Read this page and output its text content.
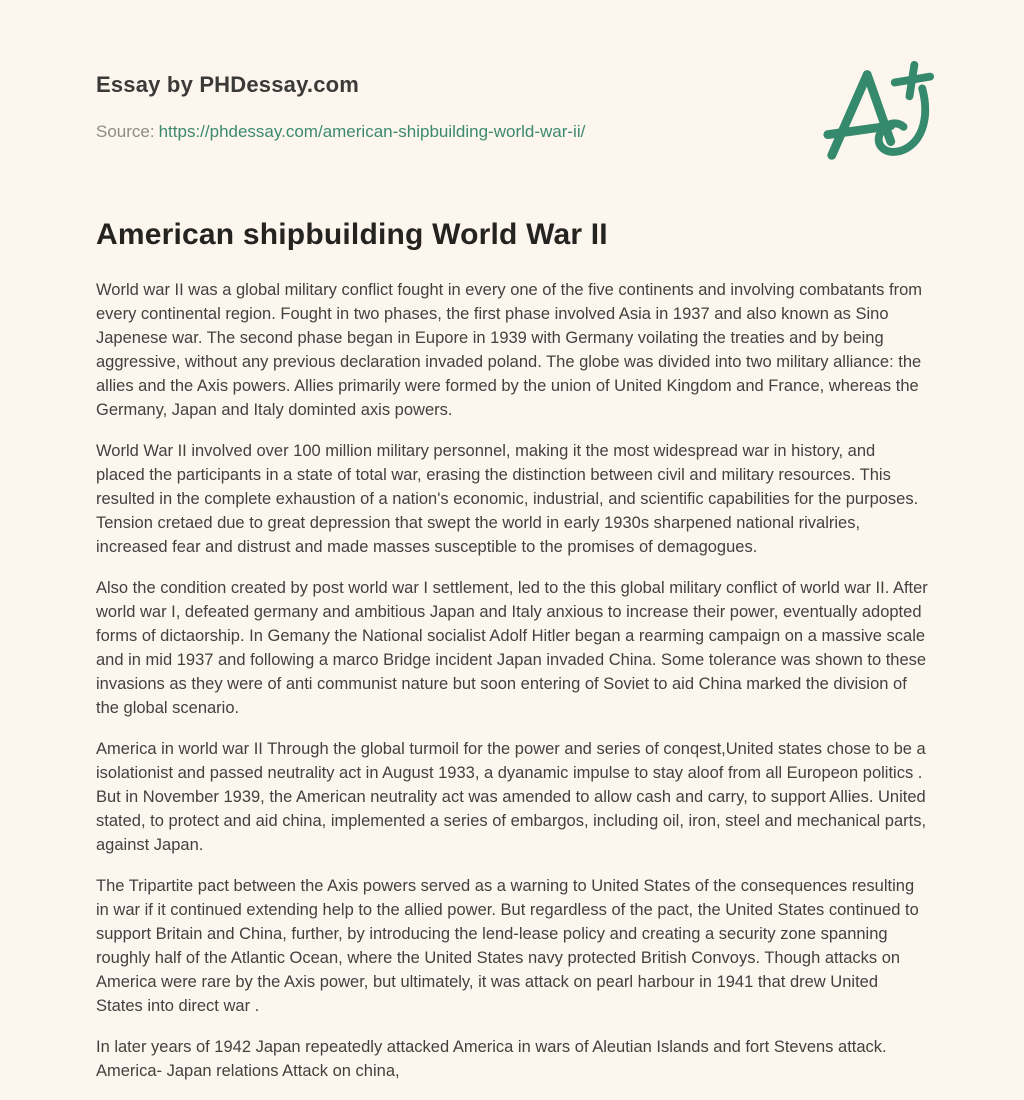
Essay by PHDessay.com
Source: https://phdessay.com/american-shipbuilding-world-war-ii/
American shipbuilding World War II

World war II was a global military conflict fought in every one of the five continents and involving combatants from every continental region. Fought in two phases, the first phase involved Asia in 1937 and also known as Sino Japenese war. The second phase began in Eupore in 1939 with Germany voilating the treaties and by being aggressive, without any previous declaration invaded poland. The globe was divided into two military alliance: the allies and the Axis powers. Allies primarily were formed by the union of United Kingdom and France, whereas the Germany, Japan and Italy dominted axis powers.

World War II involved over 100 million military personnel, making it the most widespread war in history, and placed the participants in a state of total war, erasing the distinction between civil and military resources. This resulted in the complete exhaustion of a nation's economic, industrial, and scientific capabilities for the purposes. Tension cretaed due to great depression that swept the world in early 1930s sharpened national rivalries, increased fear and distrust and made masses susceptible to the promises of demagogues.

Also the condition created by post world war I settlement, led to the this global military conflict of world war II. After world war I, defeated germany and ambitious Japan and Italy anxious to increase their power, eventually adopted forms of dictaorship. In Gemany the National socialist Adolf Hitler began a rearming campaign on a massive scale and in mid 1937 and following a marco Bridge incident Japan invaded China. Some tolerance was shown to these invasions as they were of anti communist nature but soon entering of Soviet to aid China marked the division of the global scenario.

America in world war II Through the global turmoil for the power and series of conqest,United states chose to be a isolationist and passed neutrality act in August 1933, a dyanamic impulse to stay aloof from all Europeon politics . But in November 1939, the American neutrality act was amended to allow cash and carry, to support Allies. United stated, to protect and aid china, implemented a series of embargos, including oil, iron, steel and mechanical parts, against Japan.

The Tripartite pact between the Axis powers served as a warning to United States of the consequences resulting in war if it continued extending help to the allied power. But regardless of the pact, the United States continued to support Britain and China, further, by introducing the lend-lease policy and creating a security zone spanning roughly half of the Atlantic Ocean, where the United States navy protected British Convoys. Though attacks on America were rare by the Axis power, but ultimately, it was attack on pearl harbour in 1941 that drew United States into direct war .

In later years of 1942 Japan repeatedly attacked America in wars of Aleutian Islands and fort Stevens attack. America- Japan relations Attack on china,
